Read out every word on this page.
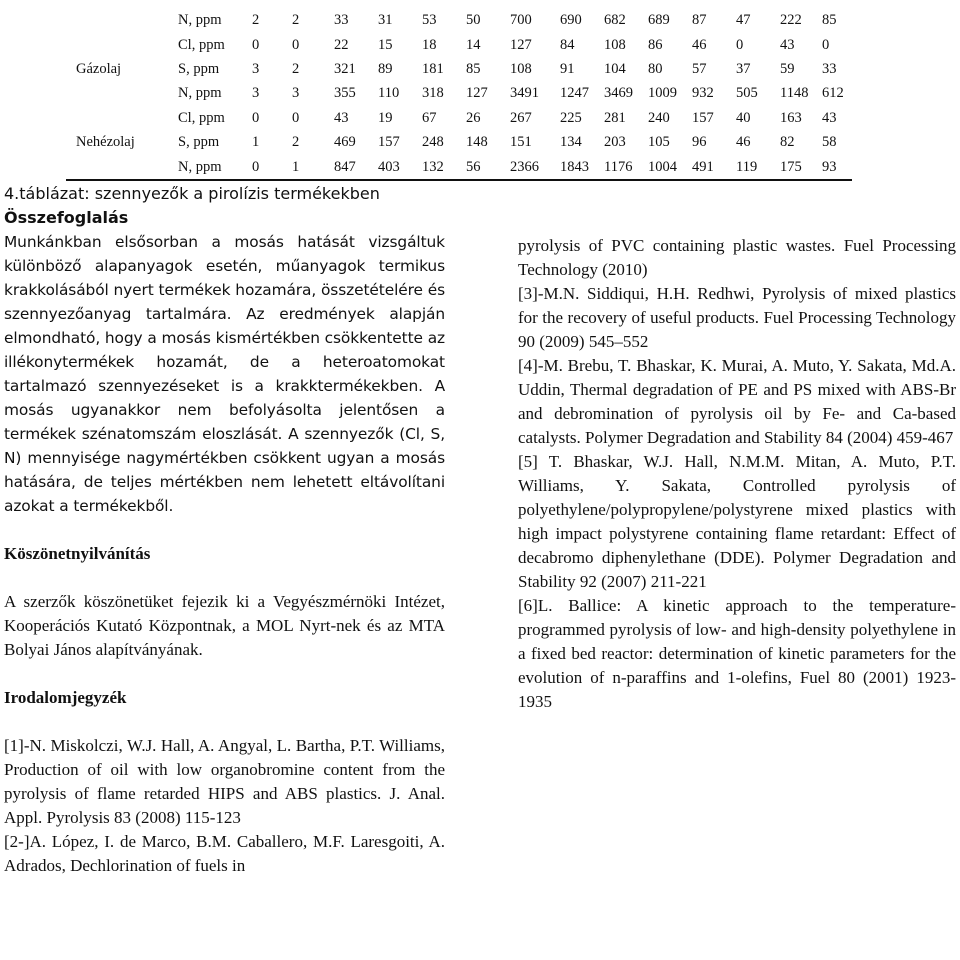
	N, ppm	2	2	33	31	53	50	700	690	682	689	87	47	222	85
	Cl, ppm	0	0	22	15	18	14	127	84	108	86	46	0	43	0
Gázolaj	S, ppm	3	2	321	89	181	85	108	91	104	80	57	37	59	33
	N, ppm	3	3	355	110	318	127	3491	1247	3469	1009	932	505	1148	612
	Cl, ppm	0	0	43	19	67	26	267	225	281	240	157	40	163	43
Nehézolaj	S, ppm	1	2	469	157	248	148	151	134	203	105	96	46	82	58
	N, ppm	0	1	847	403	132	56	2366	1843	1176	1004	491	119	175	93
4.táblázat: szennyezők a pirolízis termékekben
Összefoglalás
Munkánkban elsősorban a mosás hatását vizsgáltuk különböző alapanyagok esetén, műanyagok termikus krakkolásából nyert termékek hozamára, összetételére és szennyezőanyag tartalmára. Az eredmények alapján elmondható, hogy a mosás kismértékben csökkentette az illékonytermékek hozamát, de a heteroatomokat tartalmazó szennyezéseket is a krakktermékekben. A mosás ugyanakkor nem befolyásolta jelentősen a termékek szénatomszám eloszlását. A szennyezők (Cl, S, N) mennyisége nagymértékben csökkent ugyan a mosás hatására, de teljes mértékben nem lehetett eltávolítani azokat a termékekből.
Köszönetnyilvánítás
A szerzők köszönetüket fejezik ki a Vegyészmérnöki Intézet, Kooperációs Kutató Központnak, a MOL Nyrt-nek és az MTA Bolyai János alapítványának.
Irodalomjegyzék
[1]-N. Miskolczi, W.J. Hall, A. Angyal, L. Bartha, P.T. Williams, Production of oil with low organobromine content from the pyrolysis of flame retarded HIPS and ABS plastics. J. Anal. Appl. Pyrolysis 83 (2008) 115-123
[2-]A. López, I. de Marco, B.M. Caballero, M.F. Laresgoiti, A. Adrados, Dechlorination of fuels in
pyrolysis of PVC containing plastic wastes. Fuel Processing Technology (2010)
[3]-M.N. Siddiqui, H.H. Redhwi, Pyrolysis of mixed plastics for the recovery of useful products. Fuel Processing Technology 90 (2009) 545–552
[4]-M. Brebu, T. Bhaskar, K. Murai, A. Muto, Y. Sakata, Md.A. Uddin, Thermal degradation of PE and PS mixed with ABS-Br and debromination of pyrolysis oil by Fe- and Ca-based catalysts. Polymer Degradation and Stability 84 (2004) 459-467
[5] T. Bhaskar, W.J. Hall, N.M.M. Mitan, A. Muto, P.T. Williams, Y. Sakata, Controlled pyrolysis of polyethylene/polypropylene/polystyrene mixed plastics with high impact polystyrene containing flame retardant: Effect of decabromo diphenylethane (DDE). Polymer Degradation and Stability 92 (2007) 211-221
[6]L. Ballice: A kinetic approach to the temperature-programmed pyrolysis of low- and high-density polyethylene in a fixed bed reactor: determination of kinetic parameters for the evolution of n-paraffins and 1-olefins, Fuel 80 (2001) 1923-1935
